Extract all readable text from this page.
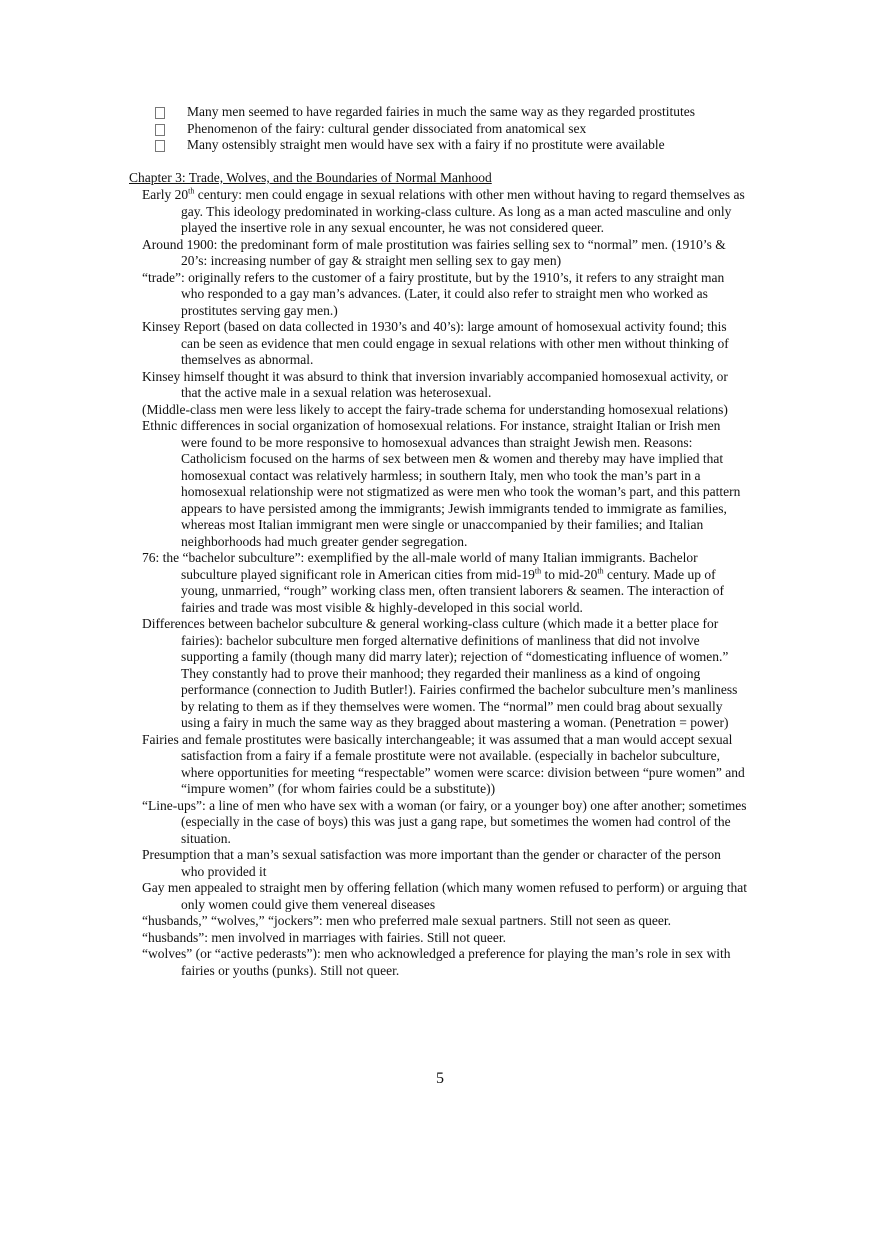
Many men seemed to have regarded fairies in much the same way as they regarded prostitutes
Phenomenon of the fairy: cultural gender dissociated from anatomical sex
Many ostensibly straight men would have sex with a fairy if no prostitute were available
Chapter 3: Trade, Wolves, and the Boundaries of Normal Manhood

Early 20th century: men could engage in sexual relations with other men without having to regard themselves as gay. This ideology predominated in working-class culture. As long as a man acted masculine and only played the insertive role in any sexual encounter, he was not considered queer.

Around 1900: the predominant form of male prostitution was fairies selling sex to “normal” men. (1910’s & 20’s: increasing number of gay & straight men selling sex to gay men)

“trade”: originally refers to the customer of a fairy prostitute, but by the 1910’s, it refers to any straight man who responded to a gay man’s advances. (Later, it could also refer to straight men who worked as prostitutes serving gay men.)

Kinsey Report (based on data collected in 1930’s and 40’s): large amount of homosexual activity found; this can be seen as evidence that men could engage in sexual relations with other men without thinking of themselves as abnormal.

Kinsey himself thought it was absurd to think that inversion invariably accompanied homosexual activity, or that the active male in a sexual relation was heterosexual.

(Middle-class men were less likely to accept the fairy-trade schema for understanding homosexual relations)

Ethnic differences in social organization of homosexual relations. For instance, straight Italian or Irish men were found to be more responsive to homosexual advances than straight Jewish men. Reasons: Catholicism focused on the harms of sex between men & women and thereby may have implied that homosexual contact was relatively harmless; in southern Italy, men who took the man’s part in a homosexual relationship were not stigmatized as were men who took the woman’s part, and this pattern appears to have persisted among the immigrants; Jewish immigrants tended to immigrate as families, whereas most Italian immigrant men were single or unaccompanied by their families; and Italian neighborhoods had much greater gender segregation.

76: the “bachelor subculture”: exemplified by the all-male world of many Italian immigrants. Bachelor subculture played significant role in American cities from mid-19th to mid-20th century. Made up of young, unmarried, “rough” working class men, often transient laborers & seamen. The interaction of fairies and trade was most visible & highly-developed in this social world.

Differences between bachelor subculture & general working-class culture (which made it a better place for fairies): bachelor subculture men forged alternative definitions of manliness that did not involve supporting a family (though many did marry later); rejection of “domesticating influence of women.” They constantly had to prove their manhood; they regarded their manliness as a kind of ongoing performance (connection to Judith Butler!). Fairies confirmed the bachelor subculture men’s manliness by relating to them as if they themselves were women. The “normal” men could brag about sexually using a fairy in much the same way as they bragged about mastering a woman. (Penetration = power)

Fairies and female prostitutes were basically interchangeable; it was assumed that a man would accept sexual satisfaction from a fairy if a female prostitute were not available. (especially in bachelor subculture, where opportunities for meeting “respectable” women were scarce: division between “pure women” and “impure women” (for whom fairies could be a substitute))

“Line-ups”: a line of men who have sex with a woman (or fairy, or a younger boy) one after another; sometimes (especially in the case of boys) this was just a gang rape, but sometimes the women had control of the situation.

Presumption that a man’s sexual satisfaction was more important than the gender or character of the person who provided it

Gay men appealed to straight men by offering fellation (which many women refused to perform) or arguing that only women could give them venereal diseases

“husbands,” “wolves,” “jockers”: men who preferred male sexual partners. Still not seen as queer.

“husbands”: men involved in marriages with fairies. Still not queer.

“wolves” (or “active pederasts”): men who acknowledged a preference for playing the man’s role in sex with fairies or youths (punks). Still not queer.

5
